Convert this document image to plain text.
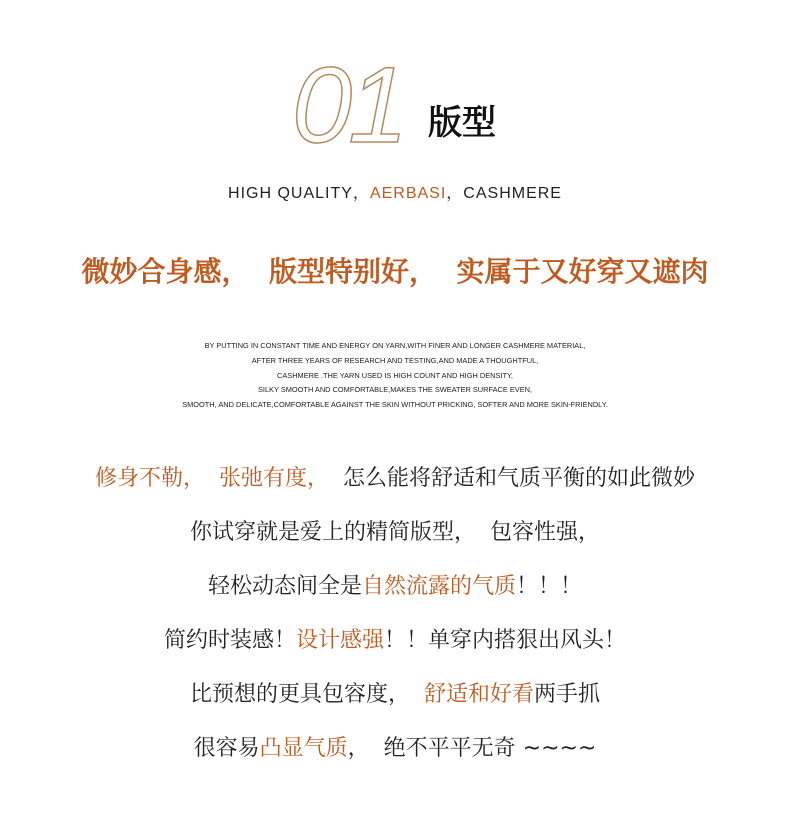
01 版型
HIGH QUALITY，AERBASI，CASHMERE
微妙合身感，  版型特别好，  实属于又好穿又遮肉
BY PUTTING IN CONSTANT TIME AND ENERGY ON YARN,WITH FINER AND LONGER CASHMERE MATERIAL,
AFTER THREE YEARS OF RESEARCH AND TESTING,AND MADE A THOUGHTFUL,
CASHMERE .THE YARN USED IS HIGH COUNT AND HIGH DENSITY,
SILKY SMOOTH AND COMFORTABLE,MAKES THE SWEATER SURFACE EVEN,
SMOOTH, AND DELICATE,COMFORTABLE AGAINST THE SKIN WITHOUT PRICKING, SOFTER AND MORE SKIN-FRIENDLY.
修身不勒，  张弛有度，  怎么能将舒适和气质平衡的如此微妙
你试穿就是爱上的精简版型，  包容性强，
轻松动态间全是自然流露的气质！！！
简约时装感！设计感强！！单穿内搭狠出风头！
比预想的更具包容度，  舒适和好看两手抓
很容易凸显气质，  绝不平平无奇 ~~~~
